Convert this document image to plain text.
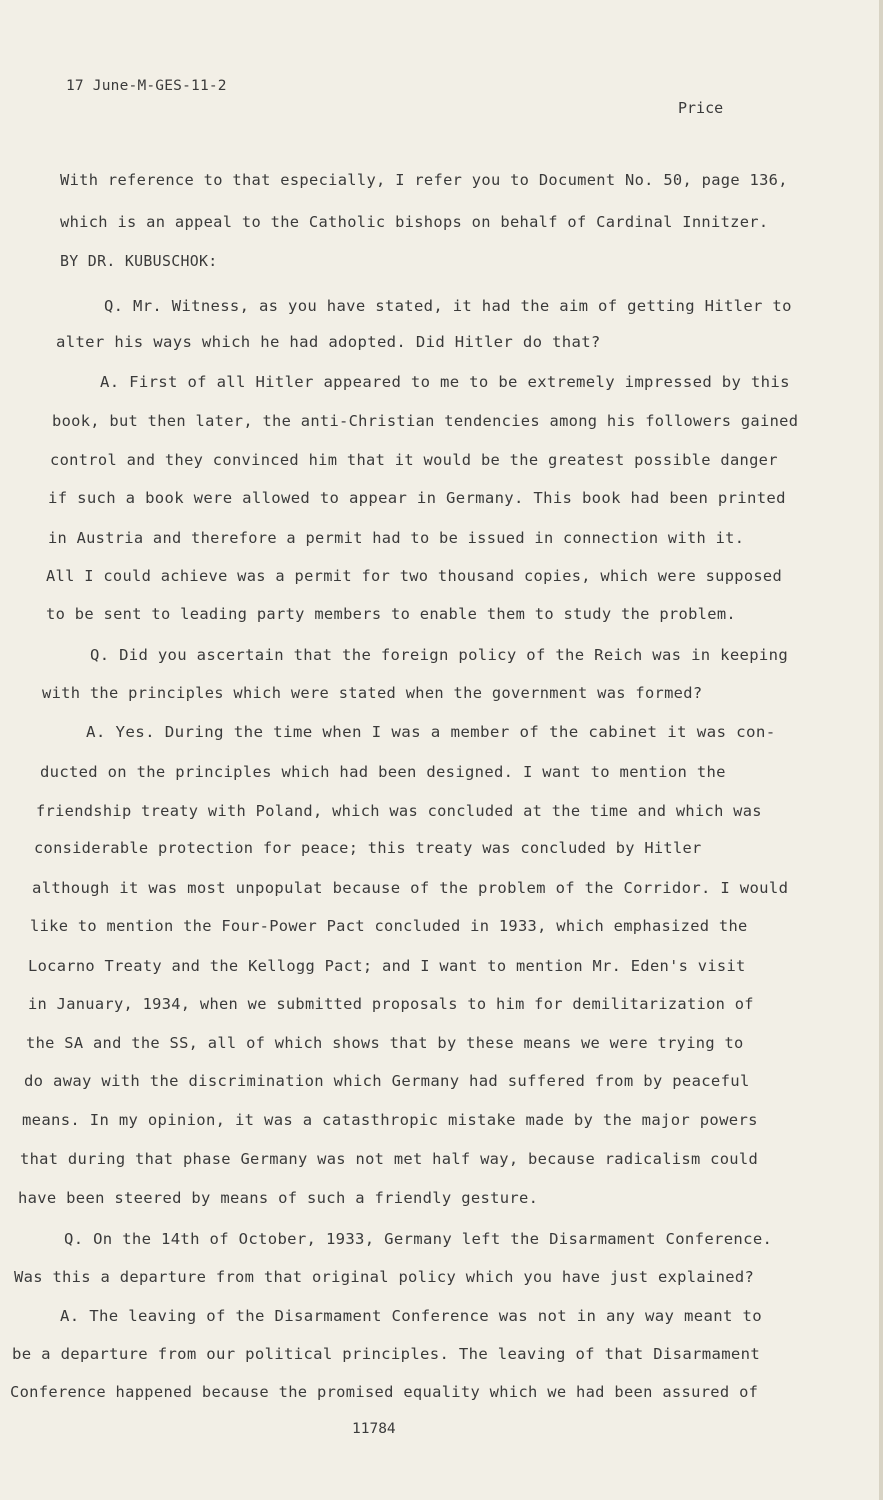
17 June-M-GES-11-2
Price
With reference to that especially, I refer you to Document No. 50, page 136,
which is an appeal to the Catholic bishops on behalf of Cardinal Innitzer.
BY DR. KUBUSCHOK:
Q. Mr. Witness, as you have stated, it had the aim of getting Hitler to
alter his ways which he had adopted. Did Hitler do that?
A. First of all Hitler appeared to me to be extremely impressed by this
book, but then later, the anti-Christian tendencies among his followers gained
control and they convinced him that it would be the greatest possible danger
if such a book were allowed to appear in Germany. This book had been printed
in Austria and therefore a permit had to be issued in connection with it.
All I could achieve was a permit for two thousand copies, which were supposed
to be sent to leading party members to enable them to study the problem.
Q. Did you ascertain that the foreign policy of the Reich was in keeping
with the principles which were stated when the government was formed?
A. Yes. During the time when I was a member of the cabinet it was con-
ducted on the principles which had been designed. I want to mention the
friendship treaty with Poland, which was concluded at the time and which was
considerable protection for peace; this treaty was concluded by Hitler
although it was most unpopulat because of the problem of the Corridor. I would
like to mention the Four-Power Pact concluded in 1933, which emphasized the
Locarno Treaty and the Kellogg Pact; and I want to mention Mr. Eden's visit
in January, 1934, when we submitted proposals to him for demilitarization of
the SA and the SS, all of which shows that by these means we were trying to
do away with the discrimination which Germany had suffered from by peaceful
means. In my opinion, it was a catasthropic mistake made by the major powers
that during that phase Germany was not met half way, because radicalism could
have been steered by means of such a friendly gesture.
Q. On the 14th of October, 1933, Germany left the Disarmament Conference.
Was this a departure from that original policy which you have just explained?
A. The leaving of the Disarmament Conference was not in any way meant to
be a departure from our political principles. The leaving of that Disarmament
Conference happened because the promised equality which we had been assured of
11784
